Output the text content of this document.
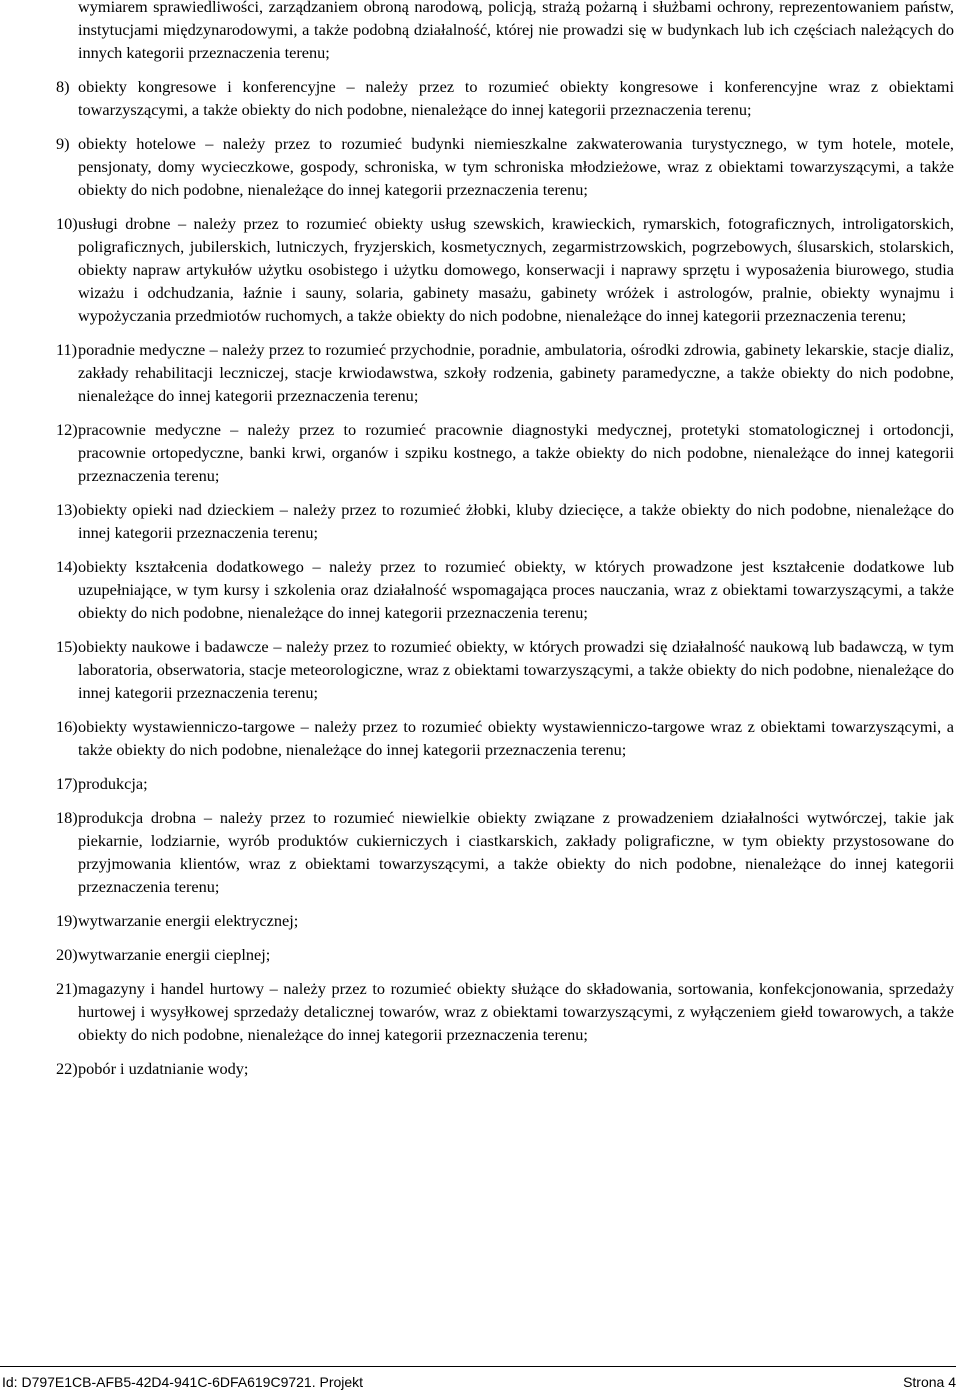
wymiarem sprawiedliwości, zarządzaniem obroną narodową, policją, strażą pożarną i służbami ochrony, reprezentowaniem państw, instytucjami międzynarodowymi, a także podobną działalność, której nie prowadzi się w budynkach lub ich częściach należących do innych kategorii przeznaczenia terenu;

8) obiekty kongresowe i konferencyjne – należy przez to rozumieć obiekty kongresowe i konferencyjne wraz z obiektami towarzyszącymi, a także obiekty do nich podobne, nienależące do innej kategorii przeznaczenia terenu;
9) obiekty hotelowe – należy przez to rozumieć budynki niemieszkalne zakwaterowania turystycznego, w tym hotele, motele, pensjonaty, domy wycieczkowe, gospody, schroniska, w tym schroniska młodzieżowe, wraz z obiektami towarzyszącymi, a także obiekty do nich podobne, nienależące do innej kategorii przeznaczenia terenu;
10) usługi drobne – należy przez to rozumieć obiekty usług szewskich, krawieckich, rymarskich, fotograficznych, introligatorskich, poligraficznych, jubilerskich, lutniczych, fryzjerskich, kosmetycznych, zegarmistrzowskich, pogrzebowych, ślusarskich, stolarskich, obiekty napraw artykułów użytku osobistego i użytku domowego, konserwacji i naprawy sprzętu i wyposażenia biurowego, studia wizażu i odchudzania, łaźnie i sauny, solaria, gabinety masażu, gabinety wróżek i astrologów, pralnie, obiekty wynajmu i wypożyczania przedmiotów ruchomych, a także obiekty do nich podobne, nienależące do innej kategorii przeznaczenia terenu;
11) poradnie medyczne – należy przez to rozumieć przychodnie, poradnie, ambulatoria, ośrodki zdrowia, gabinety lekarskie, stacje dializ, zakłady rehabilitacji leczniczej, stacje krwiodawstwa, szkoły rodzenia, gabinety paramedyczne, a także obiekty do nich podobne, nienależące do innej kategorii przeznaczenia terenu;
12) pracownie medyczne – należy przez to rozumieć pracownie diagnostyki medycznej, protetyki stomatologicznej i ortodoncji, pracownie ortopedyczne, banki krwi, organów i szpiku kostnego, a także obiekty do nich podobne, nienależące do innej kategorii przeznaczenia terenu;
13) obiekty opieki nad dzieckiem – należy przez to rozumieć żłobki, kluby dziecięce, a także obiekty do nich podobne, nienależące do innej kategorii przeznaczenia terenu;
14) obiekty kształcenia dodatkowego – należy przez to rozumieć obiekty, w których prowadzone jest kształcenie dodatkowe lub uzupełniające, w tym kursy i szkolenia oraz działalność wspomagająca proces nauczania, wraz z obiektami towarzyszącymi, a także obiekty do nich podobne, nienależące do innej kategorii przeznaczenia terenu;
15) obiekty naukowe i badawcze – należy przez to rozumieć obiekty, w których prowadzi się działalność naukową lub badawczą, w tym laboratoria, obserwatoria, stacje meteorologiczne, wraz z obiektami towarzyszącymi, a także obiekty do nich podobne, nienależące do innej kategorii przeznaczenia terenu;
16) obiekty wystawienniczo-targowe – należy przez to rozumieć obiekty wystawienniczo-targowe wraz z obiektami towarzyszącymi, a także obiekty do nich podobne, nienależące do innej kategorii przeznaczenia terenu;
17) produkcja;
18) produkcja drobna – należy przez to rozumieć niewielkie obiekty związane z prowadzeniem działalności wytwórczej, takie jak piekarnie, lodziarnie, wyrób produktów cukierniczych i ciastkarskich, zakłady poligraficzne, w tym obiekty przystosowane do przyjmowania klientów, wraz z obiektami towarzyszącymi, a także obiekty do nich podobne, nienależące do innej kategorii przeznaczenia terenu;
19) wytwarzanie energii elektrycznej;
20) wytwarzanie energii cieplnej;
21) magazyny i handel hurtowy – należy przez to rozumieć obiekty służące do składowania, sortowania, konfekcjonowania, sprzedaży hurtowej i wysyłkowej sprzedaży detalicznej towarów, wraz z obiektami towarzyszącymi, z wyłączeniem giełd towarowych, a także obiekty do nich podobne, nienależące do innej kategorii przeznaczenia terenu;
22) pobór i uzdatnianie wody;
Id: D797E1CB-AFB5-42D4-941C-6DFA619C9721. Projekt	Strona 4
